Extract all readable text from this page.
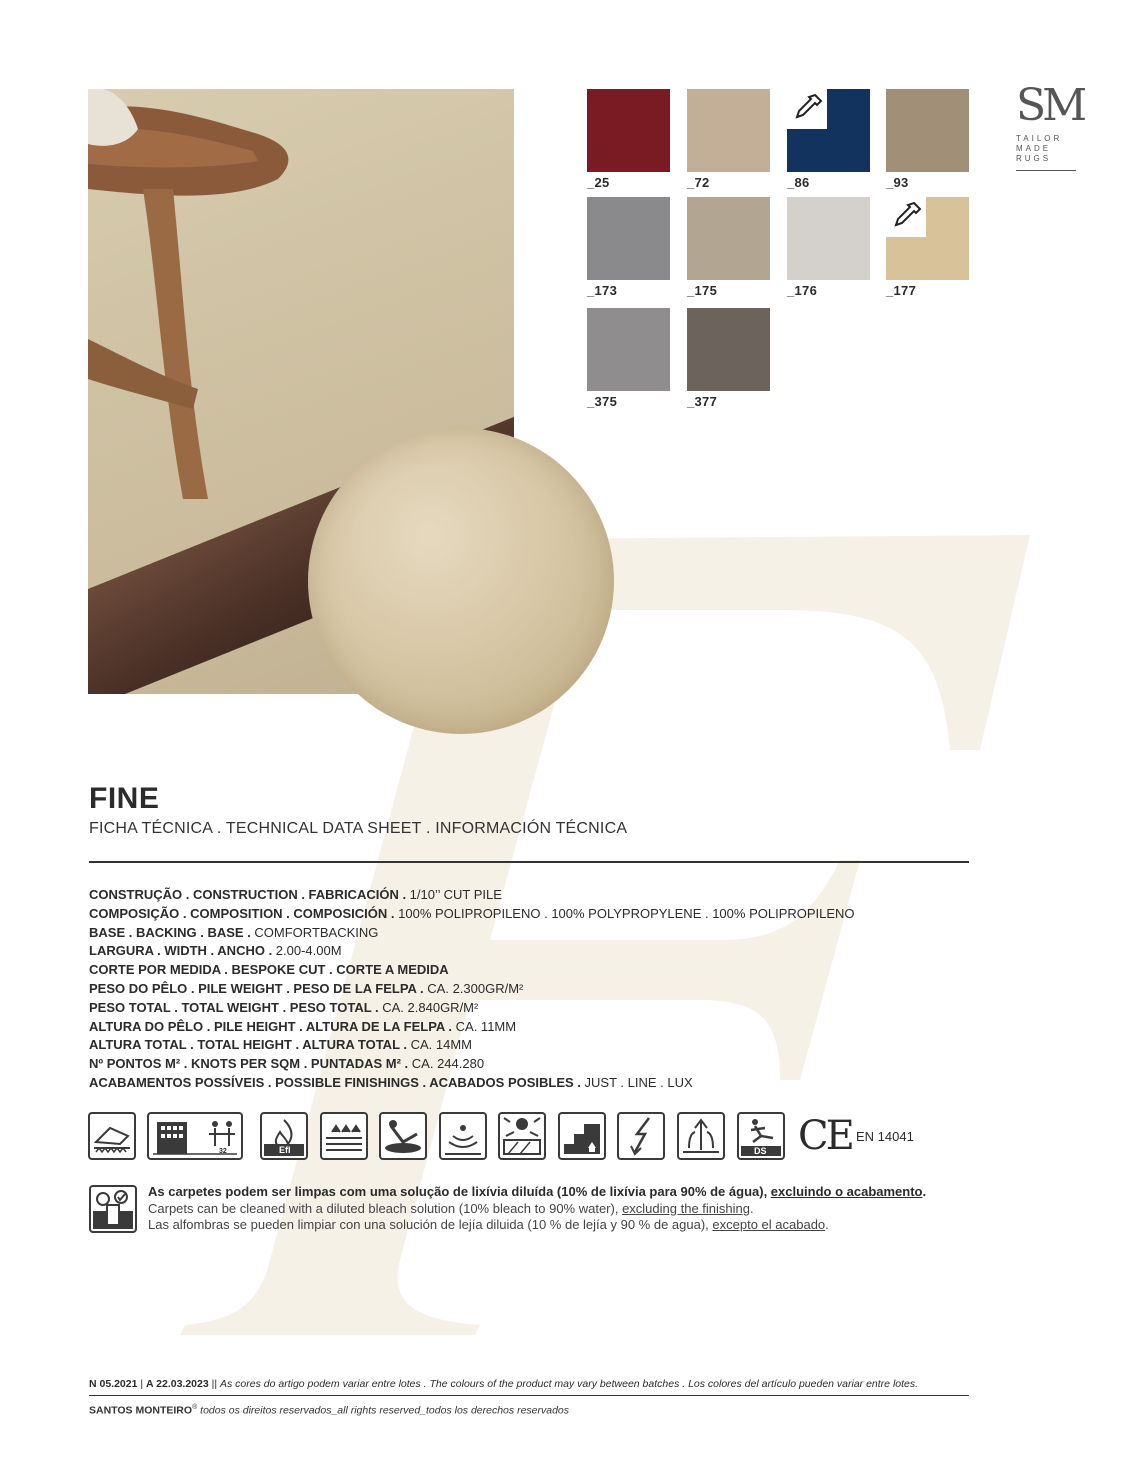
_25	_72	_86	_93
_173	_175	_176	_177
_375	_377
SM
TAILOR MADE RUGS
FINE
FICHA TÉCNICA . TECHNICAL DATA SHEET . INFORMACIÓN TÉCNICA
CONSTRUÇÃO . CONSTRUCTION . FABRICACIÓN . 1/10’’ CUT PILE
COMPOSIÇÃO . COMPOSITION . COMPOSICIÓN . 100% POLIPROPILENO . 100% POLYPROPYLENE . 100% POLIPROPILENO
BASE . BACKING . BASE . COMFORTBACKING
LARGURA . WIDTH . ANCHO . 2.00-4.00M
CORTE POR MEDIDA . BESPOKE CUT . CORTE A MEDIDA
PESO DO PÊLO . PILE WEIGHT . PESO DE LA FELPA . CA. 2.300GR/M²
PESO TOTAL . TOTAL WEIGHT . PESO TOTAL . CA. 2.840GR/M²
ALTURA DO PÊLO . PILE HEIGHT . ALTURA DE LA FELPA . CA. 11MM
ALTURA TOTAL . TOTAL HEIGHT . ALTURA TOTAL . CA. 14MM
Nº PONTOS M² . KNOTS PER SQM . PUNTADAS M² . CA. 244.280
ACABAMENTOS POSSÍVEIS . POSSIBLE FINISHINGS . ACABADOS POSIBLES . JUST . LINE . LUX
32	Efl	DS CE EN 14041
As carpetes podem ser limpas com uma solução de lixívia diluída (10% de lixívia para 90% de água), excluindo o acabamento.
Carpets can be cleaned with a diluted bleach solution (10% bleach to 90% water), excluding the finishing.
Las alfombras se pueden limpiar con una solución de lejía diluida (10 % de lejía y 90 % de agua), excepto el acabado.
N 05.2021 | A 22.03.2023 || As cores do artigo podem variar entre lotes . The colours of the product may vary between batches . Los colores del artículo pueden variar entre lotes.
SANTOS MONTEIRO® todos os direitos reservados_all rights reserved_todos los derechos reservados
